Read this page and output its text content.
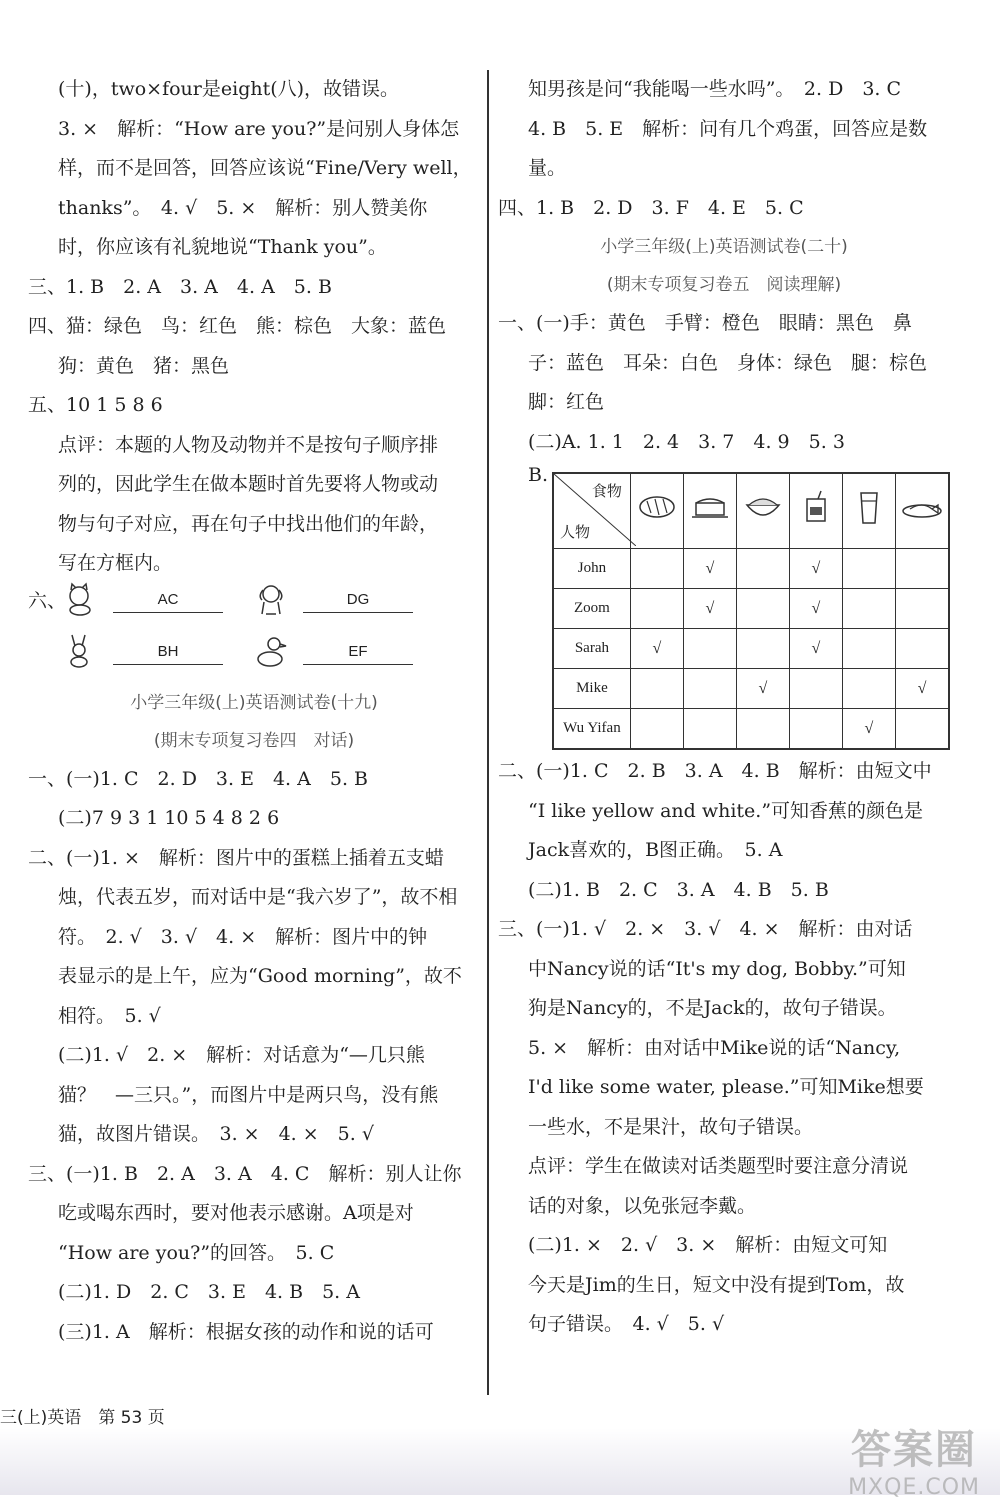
(十)，two×four是eight(八)，故错误。
3. ×　解析：“How are you?”是问别人身体怎
样，而不是回答，回答应该说“Fine/Very well，
thanks”。　4. √　5. ×　解析：别人赞美你
时，你应该有礼貌地说“Thank you”。
三、1. B　2. A　3. A　4. A　5. B
四、猫：绿色　鸟：红色　熊：棕色　大象：蓝色
狗：黄色　猪：黑色
五、10 1 5 8 6
点评：本题的人物及动物并不是按句子顺序排
列的，因此学生在做本题时首先要将人物或动
物与句子对应，再在句子中找出他们的年龄，
写在方框内。
六、	AC	DG
BH	EF
小学三年级(上)英语测试卷(十九)
(期末专项复习卷四　对话)
一、(一)1. C　2. D　3. E　4. A　5. B
(二)7 9 3 1 10 5 4 8 2 6
二、(一)1. ×　解析：图片中的蛋糕上插着五支蜡
烛，代表五岁，而对话中是“我六岁了”，故不相
符。　2. √　3. √　4. ×　解析：图片中的钟
表显示的是上午，应为“Good morning”，故不
相符。　5. √
(二)1. √　2. ×　解析：对话意为“—几只熊
猫？　—三只。”，而图片中是两只鸟，没有熊
猫，故图片错误。　3. ×　4. ×　5. √
三、(一)1. B　2. A　3. A　4. C　解析：别人让你
吃或喝东西时，要对他表示感谢。A项是对
“How are you?”的回答。　5. C
(二)1. D　2. C　3. E　4. B　5. A
(三)1. A　解析：根据女孩的动作和说的话可
知男孩是问“我能喝一些水吗”。　2. D　3. C
4. B　5. E　解析：问有几个鸡蛋，回答应是数
量。
四、1. B　2. D　3. F　4. E　5. C
小学三年级(上)英语测试卷(二十)
(期末专项复习卷五　阅读理解)
一、(一)手：黄色　手臂：橙色　眼睛：黑色　鼻
子：蓝色　耳朵：白色　身体：绿色　腿：棕色
脚：红色
(二)A. 1. 1　2. 4　3. 7　4. 9　5. 3
B.
食物
人物

John		√		√		
Zoom		√		√		
Sarah	√			√		
Mike			√			√
Wu Yifan					√	
二、(一)1. C　2. B　3. A　4. B　解析：由短文中
“I like yellow and white.”可知香蕉的颜色是
Jack喜欢的，B图正确。　5. A
(二)1. B　2. C　3. A　4. B　5. B
三、(一)1. √　2. ×　3. √　4. ×　解析：由对话
中Nancy说的话“It's my dog, Bobby.”可知
狗是Nancy的，不是Jack的，故句子错误。
5. ×　解析：由对话中Mike说的话“Nancy,
I'd like some water, please.”可知Mike想要
一些水，不是果汁，故句子错误。
点评：学生在做读对话类题型时要注意分清说
话的对象，以免张冠李戴。
(二)1. ×　2. √　3. ×　解析：由短文可知
今天是Jim的生日，短文中没有提到Tom，故
句子错误。　4. √　5. √
三(上)英语　第 53 页
答案圈
MXQE.COM
